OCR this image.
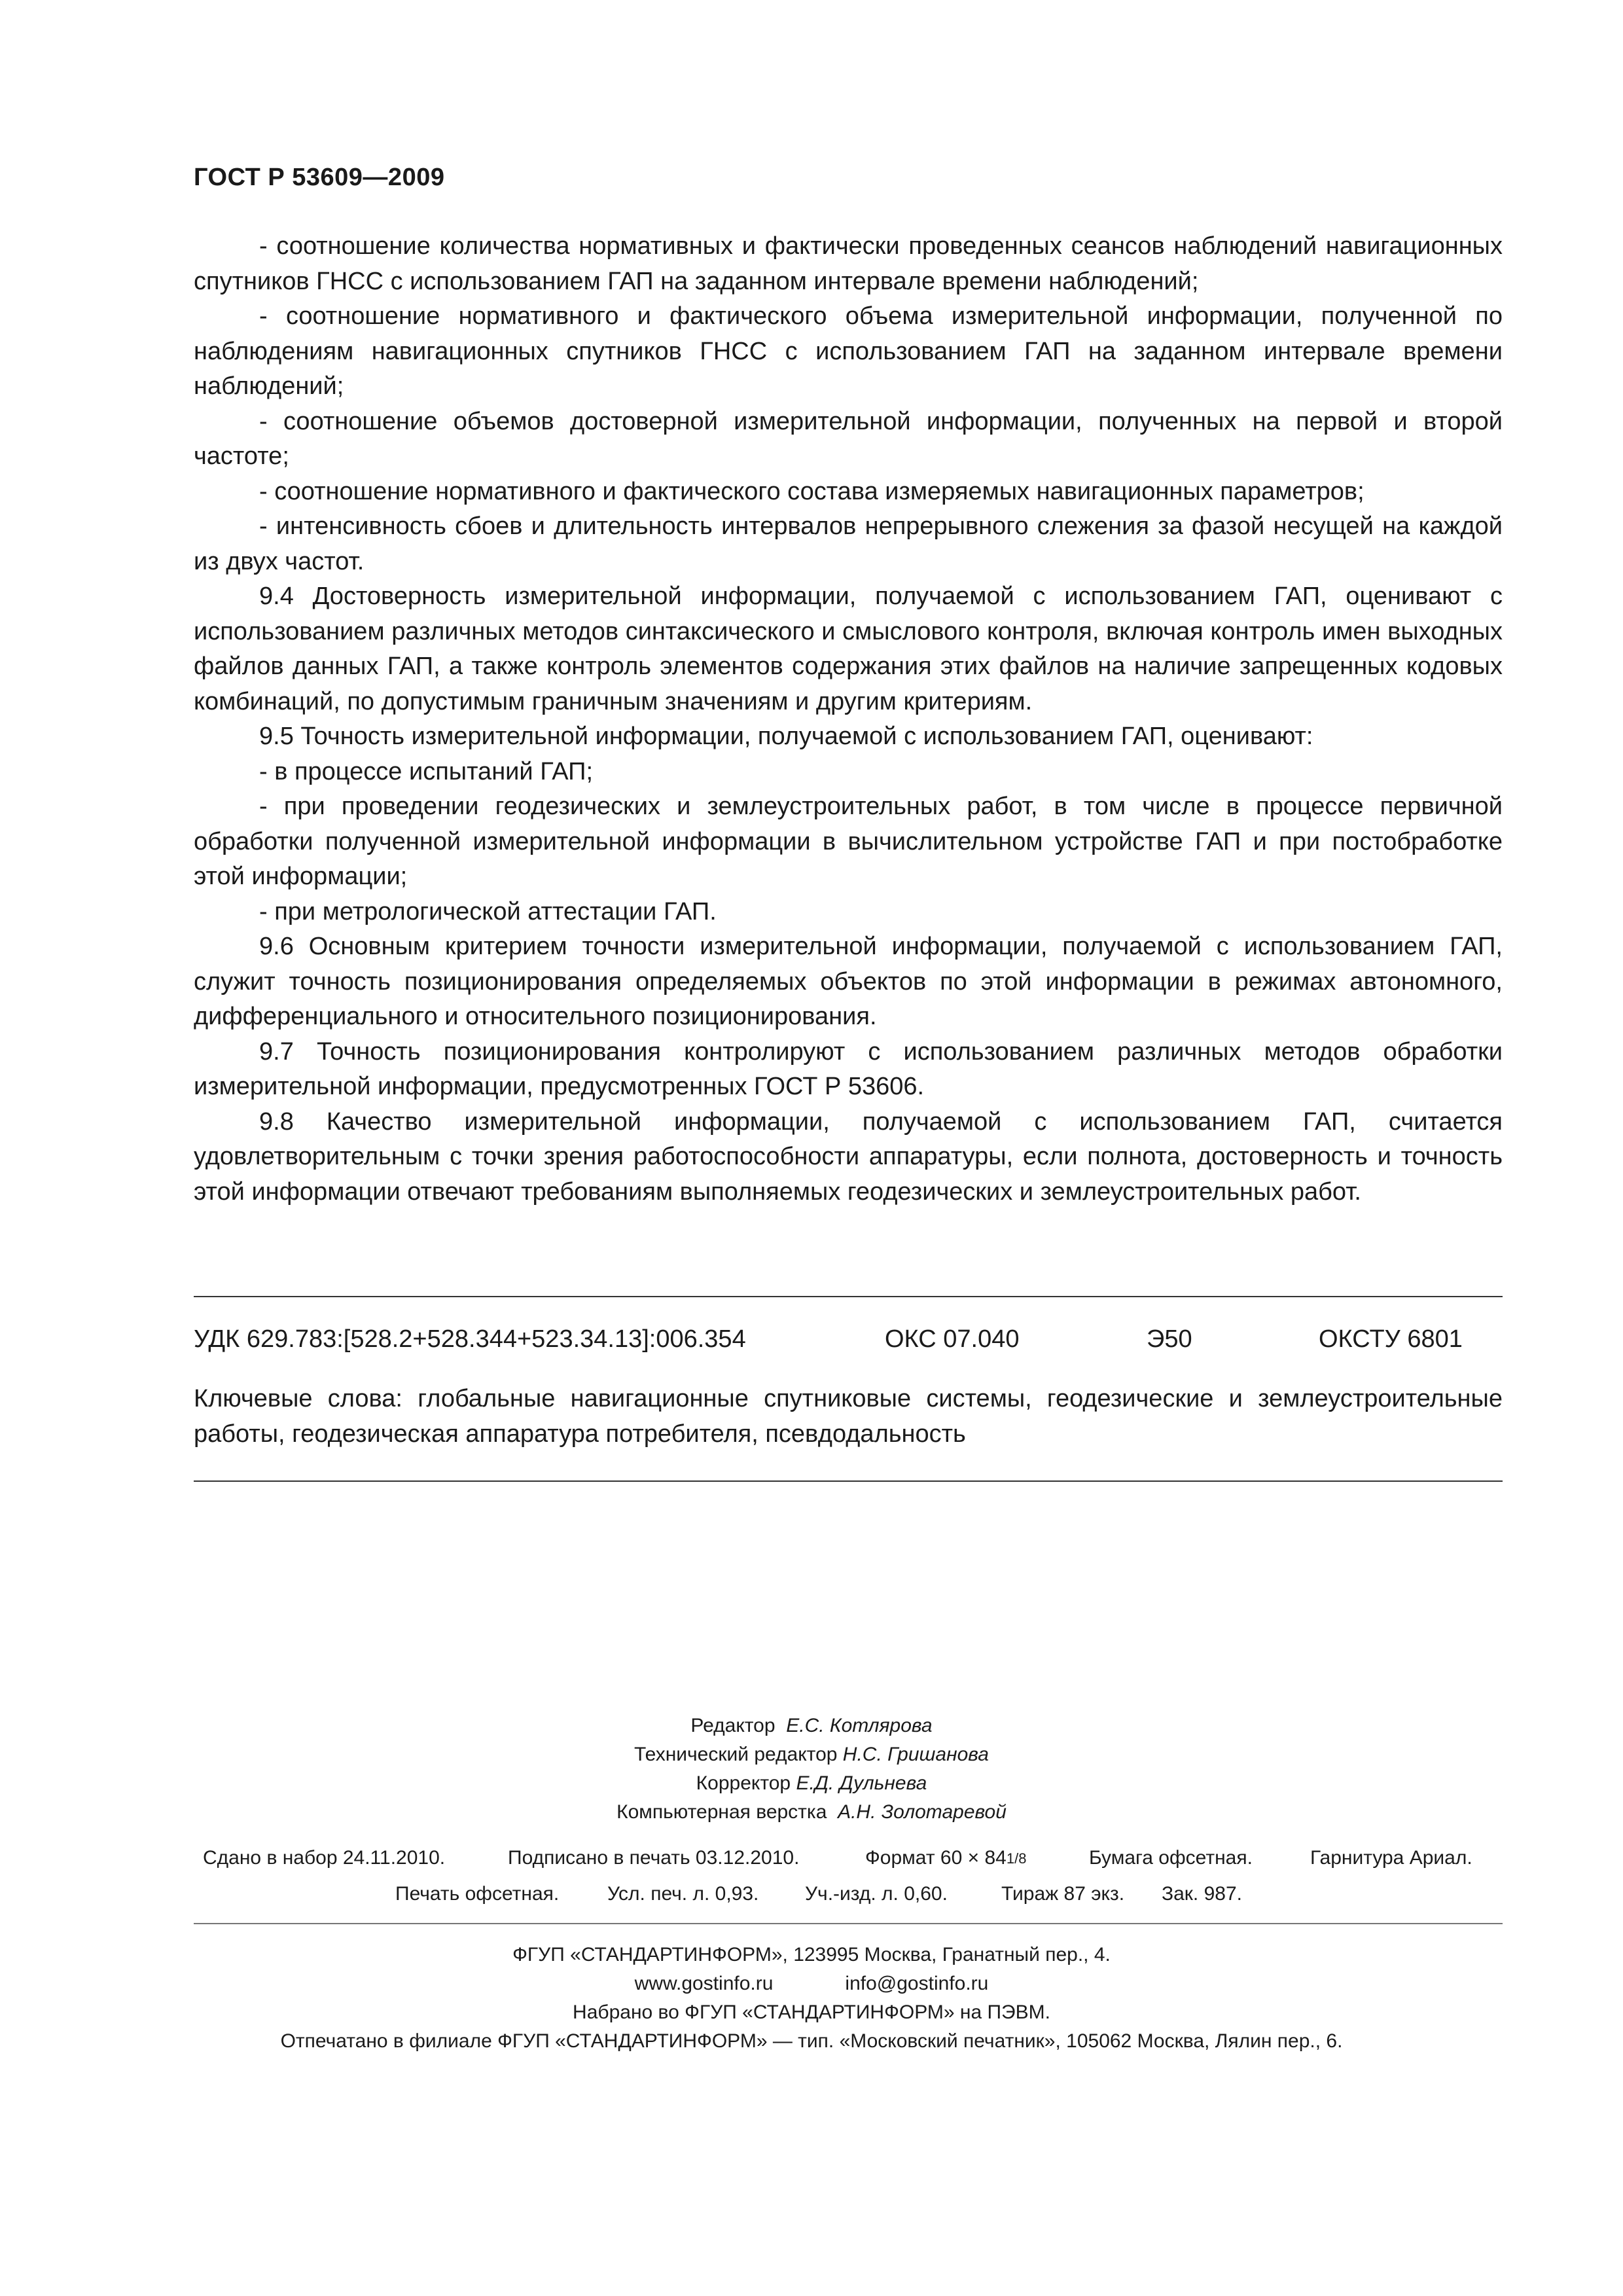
ГОСТ Р 53609—2009

- соотношение количества нормативных и фактически проведенных сеансов наблюдений навигационных спутников ГНСС с использованием ГАП на заданном интервале времени наблюдений;

- соотношение нормативного и фактического объема измерительной информации, полученной по наблюдениям навигационных спутников ГНСС с использованием ГАП на заданном интервале времени наблюдений;

- соотношение объемов достоверной измерительной информации, полученных на первой и второй частоте;

- соотношение нормативного и фактического состава измеряемых навигационных параметров;

- интенсивность сбоев и длительность интервалов непрерывного слежения за фазой несущей на каждой из двух частот.

9.4 Достоверность измерительной информации, получаемой с использованием ГАП, оценивают с использованием различных методов синтаксического и смыслового контроля, включая контроль имен выходных файлов данных ГАП, а также контроль элементов содержания этих файлов на наличие запрещенных кодовых комбинаций, по допустимым граничным значениям и другим критериям.

9.5 Точность измерительной информации, получаемой с использованием ГАП, оценивают:

- в процессе испытаний ГАП;

- при проведении геодезических и землеустроительных работ, в том числе в процессе первичной обработки полученной измерительной информации в вычислительном устройстве ГАП и при постобработке этой информации;

- при метрологической аттестации ГАП.

9.6 Основным критерием точности измерительной информации, получаемой с использованием ГАП, служит точность позиционирования определяемых объектов по этой информации в режимах автономного, дифференциального и относительного позиционирования.

9.7 Точность позиционирования контролируют с использованием различных методов обработки измерительной информации, предусмотренных ГОСТ Р 53606.

9.8 Качество измерительной информации, получаемой с использованием ГАП, считается удовлетворительным с точки зрения работоспособности аппаратуры, если полнота, достоверность и точность этой информации отвечают требованиям выполняемых геодезических и землеустроительных работ.

УДК 629.783:[528.2+528.344+523.34.13]:006.354	ОКС 07.040	Э50	ОКСТУ 6801
Ключевые слова: глобальные навигационные спутниковые системы, геодезические и землеустроительные работы, геодезическая аппаратура потребителя, псевдодальность
Редактор Е.С. Котлярова
Технический редактор Н.С. Гришанова
Корректор Е.Д. Дульнева
Компьютерная верстка А.Н. Золотаревой
Сдано в набор 24.11.2010.	Подписано в печать 03.12.2010.	Формат 60 × 841/8	Бумага офсетная.	Гарнитура Ариал.
Печать офсетная. Усл. печ. л. 0,93. Уч.-изд. л. 0,60.	Тираж 87 экз. Зак. 987.
ФГУП «СТАНДАРТИНФОРМ», 123995 Москва, Гранатный пер., 4.
www.gostinfo.ru	info@gostinfo.ru
Набрано во ФГУП «СТАНДАРТИНФОРМ» на ПЭВМ.
Отпечатано в филиале ФГУП «СТАНДАРТИНФОРМ» — тип. «Московский печатник», 105062 Москва, Лялин пер., 6.
